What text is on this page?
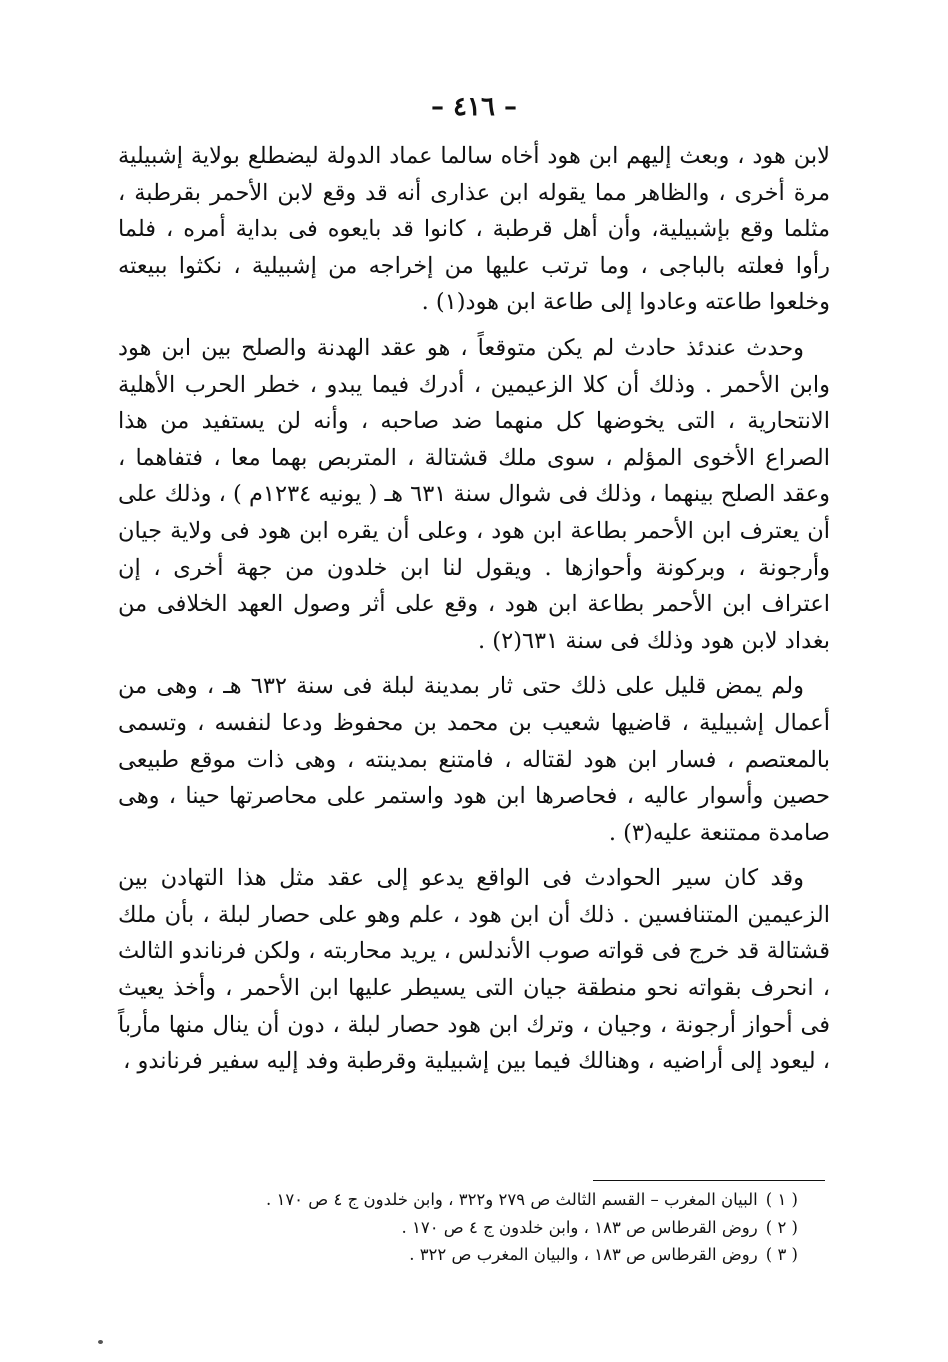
– ٤١٦ –

لابن هود ، وبعث إليهم ابن هود أخاه سالما عماد الدولة ليضطلع بولاية إشبيلية مرة أخرى ، والظاهر مما يقوله ابن عذارى أنه قد وقع لابن الأحمر بقرطبة ، مثلما وقع بإشبيلية، وأن أهل قرطبة ، كانوا قد بايعوه فى بداية أمره ، فلما رأوا فعلته بالباجى ، وما ترتب عليها من إخراجه من إشبيلية ، نكثوا ببيعته وخلعوا طاعته وعادوا إلى طاعة ابن هود(١) .

وحدث عندئذ حادث لم يكن متوقعاً ، هو عقد الهدنة والصلح بين ابن هود وابن الأحمر . وذلك أن كلا الزعيمين ، أدرك فيما يبدو ، خطر الحرب الأهلية الانتحارية ، التى يخوضها كل منهما ضد صاحبه ، وأنه لن يستفيد من هذا الصراع الأخوى المؤلم ، سوى ملك قشتالة ، المتربص بهما معا ، فتفاهما ، وعقد الصلح بينهما ، وذلك فى شوال سنة ٦٣١ هـ ( يونيه ١٢٣٤م ) ، وذلك على أن يعترف ابن الأحمر بطاعة ابن هود ، وعلى أن يقره ابن هود فى ولاية جيان وأرجونة ، وبركونة وأحوازها . ويقول لنا ابن خلدون من جهة أخرى ، إن اعتراف ابن الأحمر بطاعة ابن هود ، وقع على أثر وصول العهد الخلافى من بغداد لابن هود وذلك فى سنة ٦٣١(٢) .

ولم يمض قليل على ذلك حتى ثار بمدينة لبلة فى سنة ٦٣٢ هـ ، وهى من أعمال إشبيلية ، قاضيها شعيب بن محمد بن محفوظ ودعا لنفسه ، وتسمى بالمعتصم ، فسار ابن هود لقتاله ، فامتنع بمدينته ، وهى ذات موقع طبيعى حصين وأسوار عاليه ، فحاصرها ابن هود واستمر على محاصرتها حينا ، وهى صامدة ممتنعة عليه(٣) .

وقد كان سير الحوادث فى الواقع يدعو إلى عقد مثل هذا التهادن بين الزعيمين المتنافسين . ذلك أن ابن هود ، علم وهو على حصار لبلة ، بأن ملك قشتالة قد خرج فى قواته صوب الأندلس ، يريد محاربته ، ولكن فرناندو الثالث ، انحرف بقواته نحو منطقة جيان التى يسيطر عليها ابن الأحمر ، وأخذ يعيث فى أحواز أرجونة ، وجيان ، وترك ابن هود حصار لبلة ، دون أن ينال منها مأرباً ، ليعود إلى أراضيه ، وهنالك فيما بين إشبيلية وقرطبة وفد إليه سفير فرناندو ،

( ١ )البيان المغرب – القسم الثالث ص ٢٧٩ و٣٢٢ ، وابن خلدون ج ٤ ص ١٧٠ .

( ٢ )روض القرطاس ص ١٨٣ ، وابن خلدون ج ٤ ص ١٧٠ .

( ٣ )روض القرطاس ص ١٨٣ ، والبيان المغرب ص ٣٢٢ .
